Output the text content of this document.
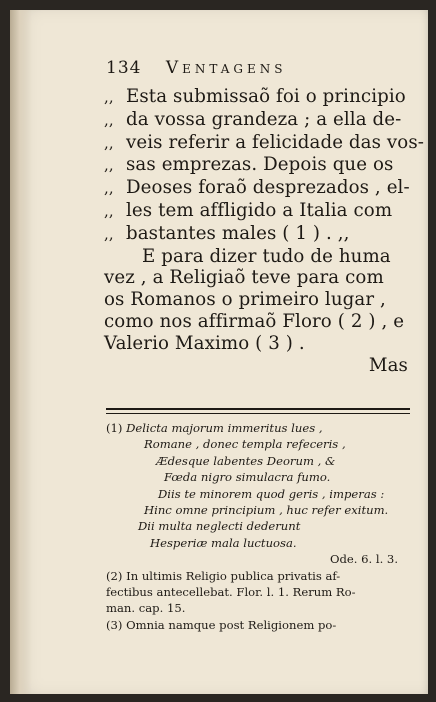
134 Ventagens
,, Esta submissaõ foi o principio
,, da vossa grandeza ; a ella de-
,, veis referir a felicidade das vos-
,, sas emprezas. Depois que os
,, Deoses foraõ desprezados , el-
,, les tem affligido a Italia com
,, bastantes males ( 1 ) . ,,
E para dizer tudo de huma
vez , a Religiaõ teve para com
os Romanos o primeiro lugar ,
como nos affirmaõ Floro ( 2 ) , e
Valerio Maximo ( 3 ) .
Mas
(1) Delicta majorum immeritus lues ,
Romane , donec templa refeceris ,
Ædesque labentes Deorum , &
Fœda nigro simulacra fumo.
Diis te minorem quod geris , imperas :
Hinc omne principium , huc refer exitum.
Dii multa neglecti dederunt
Hesperiæ mala luctuosa.
Ode. 6. l. 3.
(2) In ultimis Religio publica privatis af-
fectibus antecellebat. Flor. l. 1. Rerum Ro-
man. cap. 15.
(3) Omnia namque post Religionem po-
